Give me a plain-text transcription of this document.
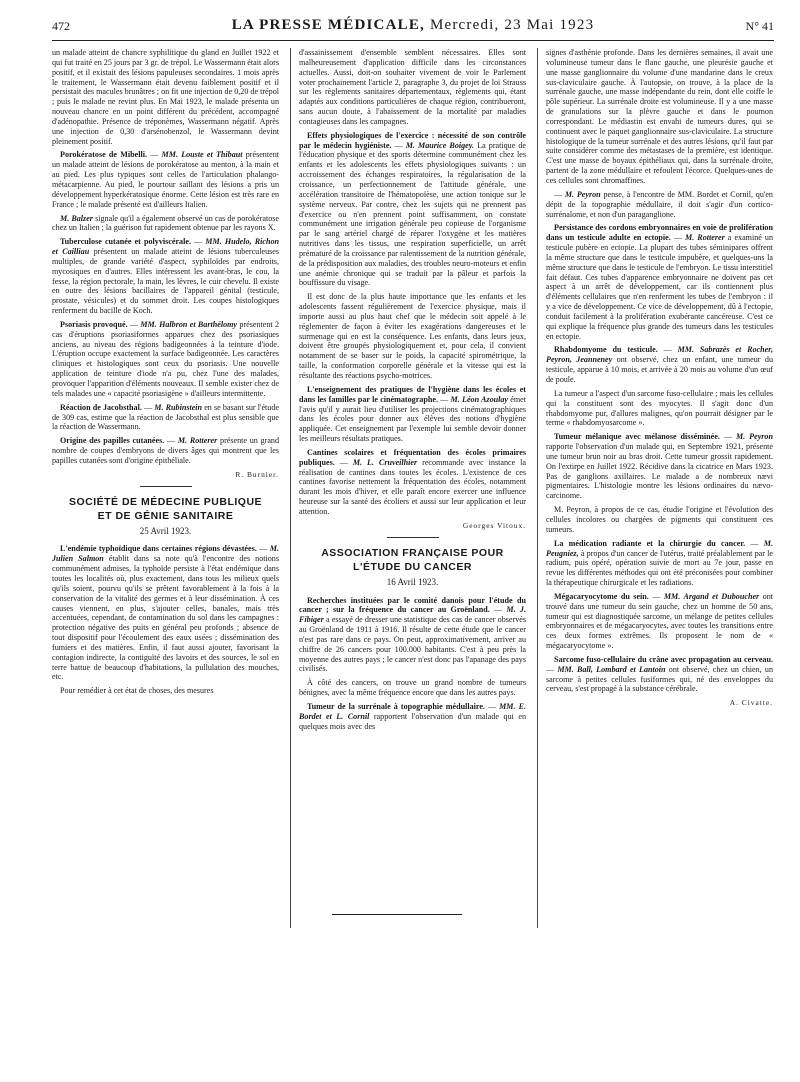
472	LA PRESSE MÉDICALE, Mercredi, 23 Mai 1923	N° 41

un malade atteint de chancre syphilitique du gland en Juillet 1922 et qui fut traité en 25 jours par 3 gr. de trépol. Le Wassermann était alors positif, et il existait des lésions papuleuses secondaires. 1 mois après le traitement, le Wassermann était devenu faiblement positif et il persistait des macules brunâtres ; on fit une injection de 0,20 de trépol ; puis le malade ne revint plus. En Mai 1923, le malade présenta un nouveau chancre en un point différent du précédent, accompagné d'adénopathie. Présence de tréponèmes, Wassermann négatif. Après une injection de 0,30 d'arsénobenzol, le Wassermann devint pleinement positif.

Porokératose de Mibelli. — MM. Louste et Thibaut présentent un malade atteint de lésions de porokératose au menton, à la main et au pied. Les plus typiques sont celles de l'articulation phalango-métacarpienne. Au pied, le pourtour saillant des lésions a pris un développement hyperkératosique énorme. Cette lésion est très rare en France ; le malade présenté est d'ailleurs Italien.

M. Balzer signale qu'il a également observé un cas de porokératose chez un Italien ; la guérison fut rapidement obtenue par les rayons X.

Tuberculose cutanée et polyviscérale. — MM. Hudelo, Richon et Cailliau présentent un malade atteint de lésions tuberculeuses multiples, de grande variété d'aspect, syphiloïdes par endroits, mycosiques en d'autres. Elles intéressent les avant-bras, le cou, la fesse, la région pectorale, la main, les lèvres, le cuir chevelu. Il existe en outre des lésions bacillaires de l'appareil génital (testicule, prostate, vésicules) et du sommet droit. Les coupes histologiques renferment du bacille de Koch.

Psoriasis provoqué. — MM. Halbron et Barthélomy présentent 2 cas d'éruptions psoriasiformes apparues chez des psoriasiques anciens, au niveau des régions badigeonnées à la teinture d'iode. L'éruption occupe exactement la surface badigeonnée. Les caractères cliniques et histologiques sont ceux du psoriasis. Une nouvelle application de teinture d'iode n'a pu, chez l'une des malades, provoquer l'apparition d'éléments nouveaux. Il semble exister chez de tels malades une « capacité psoriasigène » d'ailleurs intermittente.

Réaction de Jacobsthal. — M. Rubinstein en se basant sur l'étude de 309 cas, estime que la réaction de Jacobsthal est plus sensible que la réaction de Wassermann.

Origine des papilles cutanées. — M. Rotterer présente un grand nombre de coupes d'embryons de divers âges qui montrent que les papilles cutanées sont d'origine épithéliale.

R. Burnier.
SOCIÉTÉ DE MÉDECINE PUBLIQUE
ET DE GÉNIE SANITAIRE
25 Avril 1923.

L'endémie typhoïdique dans certaines régions dévastées. — M. Julien Salmon établit dans sa note qu'à l'encontre des notions communément admises, la typhoïde persiste à l'état endémique dans toutes les localités où, plus exactement, dans tous les milieux quels qu'ils soient, pourvu qu'ils se prêtent favorablement à la fois à la conservation de la vitalité des germes et à leur dissémination. À ces causes viennent, en plus, s'ajouter celles, banales, mais très accentuées, cependant, de contamination du sol dans les campagnes : protection négative des puits en général peu profonds ; absence de tout dispositif pour l'écoulement des eaux usées ; dissémination des fumiers et des matières. Enfin, il faut aussi ajouter, favorisant la contagion indirecte, la contiguïté des lavoirs et des sources, le sol en terre battue de beaucoup d'habitations, la pullulation des mouches, etc.

Pour remédier à cet état de choses, des mesures

d'assainissement d'ensemble semblent nécessaires. Elles sont malheureusement d'application difficile dans les circonstances actuelles. Aussi, doit-on souhaiter vivement de voir le Parlement voter prochainement l'article 2, paragraphe 3, du projet de loi Strauss sur les règlements sanitaires départementaux, règlements qui, étant adaptés aux conditions particulières de chaque région, contribueront, sans aucun doute, à l'abaissement de la mortalité par maladies contagieuses dans les campagnes.

Effets physiologiques de l'exercice : nécessité de son contrôle par le médecin hygiéniste. — M. Maurice Boigey. La pratique de l'éducation physique et des sports détermine communément chez les enfants et les adolescents les effets physiologiques suivants : un accroissement des échanges respiratoires, la régularisation de la croissance, un perfectionnement de l'attitude générale, une accélération transitoire de l'hématopoïèse, une action tonique sur le système nerveux. Par contre, chez les sujets qui ne prennent pas d'exercice ou n'en prennent point suffisamment, on constate communément une irrigation générale peu copieuse de l'organisme par le sang artériel chargé de réparer l'oxygène et les matières nutritives dans les tissus, une respiration superficielle, un arrêt prématuré de la croissance par ralentissement de la nutrition générale, de la prédisposition aux maladies, des troubles neuro-moteurs et enfin une anémie chronique qui se traduit par la pâleur et parfois la bouffissure du visage.

Il est donc de la plus haute importance que les enfants et les adolescents fassent régulièrement de l'exercice physique, mais il importe aussi au plus haut chef que le médecin soit appelé à le réglementer de façon à éviter les exagérations dangereuses et le surmenage qui en est la conséquence. Les enfants, dans leurs jeux, doivent être groupés physiologiquement et, pour cela, il convient notamment de se baser sur le poids, la capacité spirométrique, la taille, la conformation corporelle générale et la vitesse qui est la résultante des réactions psycho-motrices.

L'enseignement des pratiques de l'hygiène dans les écoles et dans les familles par le cinématographe. — M. Léon Azoulay émet l'avis qu'il y aurait lieu d'utiliser les projections cinématographiques dans les écoles pour donner aux élèves des notions d'hygiène appliquée. Cet enseignement par l'exemple lui semble devoir donner les meilleurs résultats pratiques.

Cantines scolaires et fréquentation des écoles primaires publiques. — M. L. Cruveilhier recommande avec instance la réalisation de cantines dans toutes les écoles. L'existence de ces cantines favorise nettement la fréquentation des écoles, notamment durant les mois d'hiver, et elle paraît encore exercer une influence heureuse sur la santé des écoliers et aussi sur leur application et leur attention.

Georges Vitoux.
ASSOCIATION FRANÇAISE POUR L'ÉTUDE DU CANCER
16 Avril 1923.

Recherches instituées par le comité danois pour l'étude du cancer ; sur la fréquence du cancer au Groënland. — M. J. Fibiger a essayé de dresser une statistique des cas de cancer observés au Groënland de 1911 à 1916. Il résulte de cette étude que le cancer n'est pas rare dans ce pays. On peut, approximativement, arriver au chiffre de 26 cancers pour 100.000 habitants. C'est à peu près la moyenne des autres pays ; le cancer n'est donc pas l'apanage des pays civilisés.

À côté des cancers, on trouve un grand nombre de tumeurs bénignes, avec la même fréquence encore que dans les autres pays.

Tumeur de la surrénale à topographie médullaire. — MM. E. Bordet et L. Cornil rapportent l'observation d'un malade qui en quelques mois avec des

signes d'asthénie profonde. Dans les dernières semaines, il avait une volumineuse tumeur dans le flanc gauche, une pleurésie gauche et une masse ganglionnaire du volume d'une mandarine dans le creux sus-claviculaire gauche. À l'autopsie, on trouve, à la place de la surrénale gauche, une masse indépendante du rein, dont elle coiffe le pôle supérieur. La surrénale droite est volumineuse. Il y a une masse de granulations sur la plèvre gauche et dans le poumon correspondant. Le médiastin est envahi de tumeurs dures, qui se continuent avec le paquet ganglionnaire sus-claviculaire. La structure histologique de la tumeur surrénale et des autres lésions, qu'il faut par suite considérer comme des métastases de la première, est identique. C'est une masse de boyaux épithéliaux qui, dans la surrénale droite, partent de la zone médullaire et refoulent l'écorce. Quelques-unes de ces cellules sont chromaffines.

— M. Peyron pense, à l'encontre de MM. Bordet et Cornil, qu'en dépit de la topographie médullaire, il doit s'agir d'un cortico-surrénalome, et non d'un paraganglione.

Persistance des cordons embryonnaires en voie de prolifération dans un testicule adulte en ectopie. — M. Rotterer a examiné un testicule pubère en ectopie. La plupart des tubes séminipares offrent la même structure que dans le testicule impubère, et quelques-uns la même structure que dans le testicule de l'embryon. Le tissu interstitiel fait défaut. Ces tubes d'apparence embryonnaire ne doivent pas cet aspect à un arrêt de développement, car ils contiennent plus d'éléments cellulaires que n'en renferment les tubes de l'embryon : il y a vice de développement. Ce vice de développement, dû à l'ectopie, conduit facilement à la prolifération exubérante cancéreuse. C'est ce qui explique la fréquence plus grande des tumeurs dans les testicules en ectopie.

Rhabdomyome du testicule. — MM. Sabrazès et Rocher, Peyron, Jeanneney ont observé, chez un enfant, une tumeur du testicule, apparue à 10 mois, et arrivée à 20 mois au volume d'un œuf de poule.

La tumeur a l'aspect d'un sarcome fuso-cellulaire ; mais les cellules qui la constituent sont des myocytes. Il s'agit donc d'un rhabdomyome pur, d'allures malignes, qu'on pourrait désigner par le terme « rhabdomyosarcome ».

Tumeur mélanique avec mélanose disséminée. — M. Peyron rapporte l'observation d'un malade qui, en Septembre 1921, présente une tumeur brun noir au bras droit. Cette tumeur grossit rapidement. On l'extirpe en Juillet 1922. Récidive dans la cicatrice en Mars 1923. Pas de ganglions axillaires. Le malade a de nombreux nævi pigmentaires. L'histologie montre les lésions ordinaires du nævo-carcinome.

M. Peyron, à propos de ce cas, étudie l'origine et l'évolution des cellules incolores ou chargées de pigments qui constituent ces tumeurs.

La médication radiante et la chirurgie du cancer. — M. Peugniez, à propos d'un cancer de l'utérus, traité préalablement par le radium, puis opéré, opération suivie de mort au 7e jour, passe en revue les différentes méthodes qui ont été préconisées pour combiner la thérapeutique chirurgicale et les radiations.

Mégacaryocytome du sein. — MM. Argand et Duboucher ont trouvé dans une tumeur du sein gauche, chez un homme de 50 ans, tumeur qui est diagnostiquée sarcome, un mélange de petites cellules embryonnaires et de mégacaryocytes, avec toutes les transitions entre ces deux formes extrêmes. Ils proposent le nom de « mégacaryocytome ».

Sarcome fuso-cellulaire du crâne avec propagation au cerveau. — MM. Ball, Lombard et Lantoin ont observé, chez un chien, un sarcome à petites cellules fusiformes qui, né des enveloppes du cerveau, s'est propagé à la substance cérébrale.

A. Civatte.
